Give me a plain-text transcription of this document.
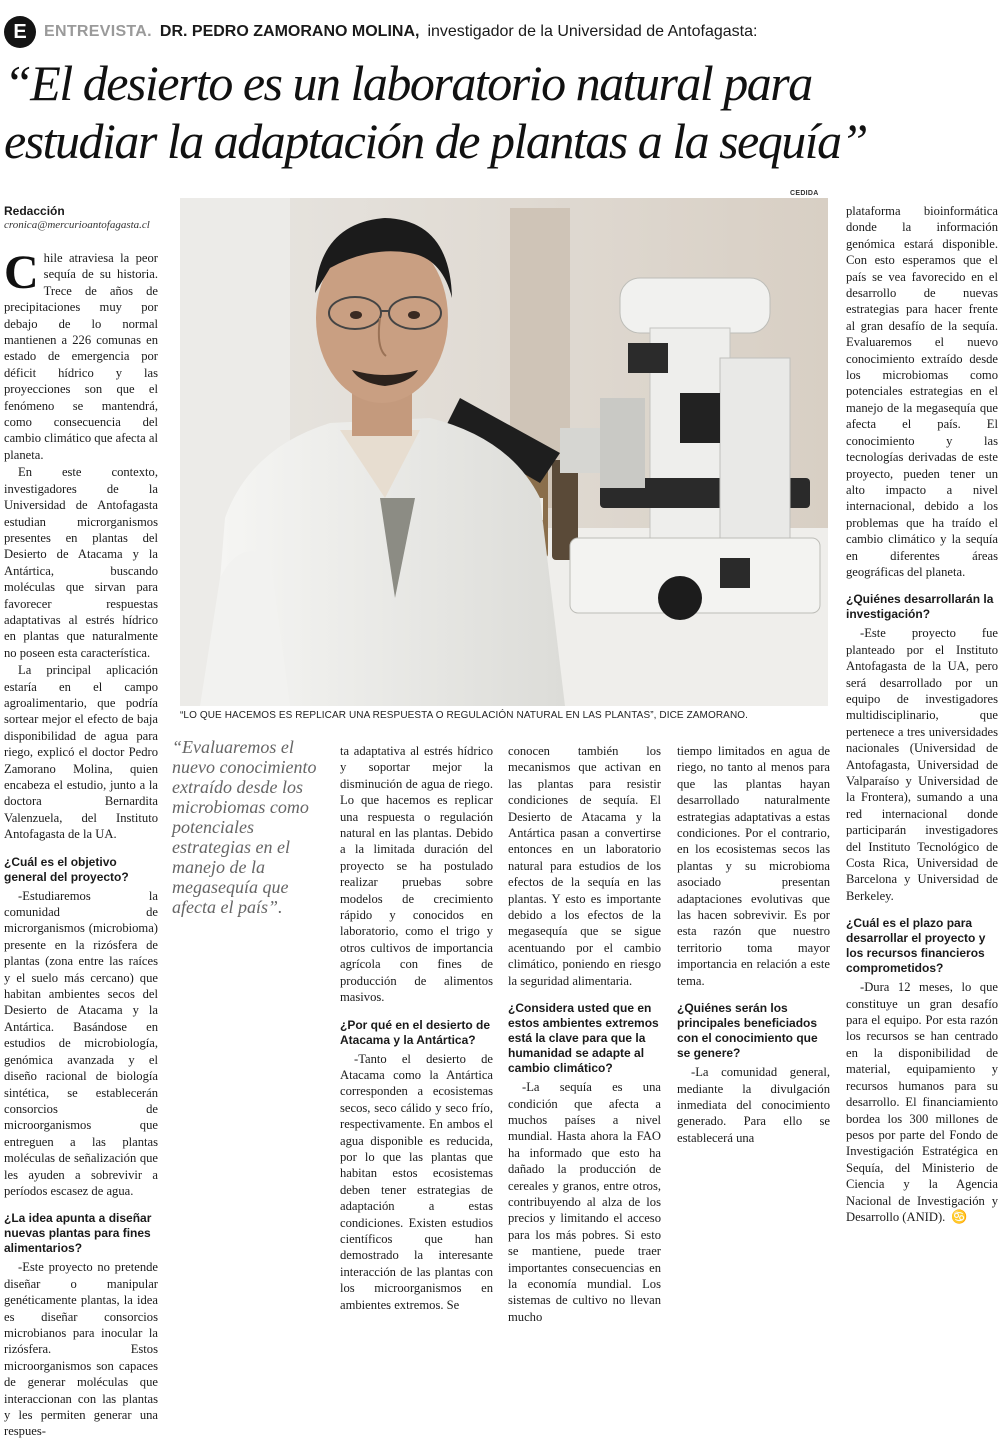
E	ENTREVISTA. DR. PEDRO ZAMORANO MOLINA, investigador de la Universidad de Antofagasta:
“El desierto es un laboratorio natural para
estudiar la adaptación de plantas a la sequía”
Redacción
cronica@mercurioantofagasta.cl
CEDIDA
“LO QUE HACEMOS ES REPLICAR UNA RESPUESTA O REGULACIÓN NATURAL EN LAS PLANTAS”, DICE ZAMORANO.

Chile atraviesa la peor sequía de su historia. Trece de años de precipitaciones muy por debajo de lo normal mantienen a 226 comunas en estado de emergencia por déficit hídrico y las proyecciones son que el fenómeno se mantendrá, como consecuencia del cambio climático que afecta al planeta.

En este contexto, investigadores de la Universidad de Antofagasta estudian microrganismos presentes en plantas del Desierto de Atacama y la Antártica, buscando moléculas que sirvan para favorecer respuestas adaptativas al estrés hídrico en plantas que naturalmente no poseen esta característica.

La principal aplicación estaría en el campo agroalimentario, que podría sortear mejor el efecto de baja disponibilidad de agua para riego, explicó el doctor Pedro Zamorano Molina, quien encabeza el estudio, junto a la doctora Bernardita Valenzuela, del Instituto Antofagasta de la UA.

¿Cuál es el objetivo general del proyecto?

-Estudiaremos la comunidad de microrganismos (microbioma) presente en la rizósfera de plantas (zona entre las raíces y el suelo más cercano) que habitan ambientes secos del Desierto de Atacama y la Antártica. Basándose en estudios de microbiología, genómica avanzada y el diseño racional de biología sintética, se establecerán consorcios de microorganismos que entreguen a las plantas moléculas de señalización que les ayuden a sobrevivir a períodos escasez de agua.

¿La idea apunta a diseñar nuevas plantas para fines alimentarios?

-Este proyecto no pretende diseñar o manipular genéticamente plantas, la idea es diseñar consorcios microbianos para inocular la rizósfera. Estos microorganismos son capaces de generar moléculas que interaccionan con las plantas y les permiten generar una respues-

“Evaluaremos el nuevo conocimiento extraído desde los microbiomas como potenciales estrategias en el manejo de la megasequía que afecta el país”.

ta adaptativa al estrés hídrico y soportar mejor la disminución de agua de riego. Lo que hacemos es replicar una respuesta o regulación natural en las plantas. Debido a la limitada duración del proyecto se ha postulado realizar pruebas sobre modelos de crecimiento rápido y conocidos en laboratorio, como el trigo y otros cultivos de importancia agrícola con fines de producción de alimentos masivos.

¿Por qué en el desierto de Atacama y la Antártica?

-Tanto el desierto de Atacama como la Antártica corresponden a ecosistemas secos, seco cálido y seco frío, respectivamente. En ambos el agua disponible es reducida, por lo que las plantas que habitan estos ecosistemas deben tener estrategias de adaptación a estas condiciones. Existen estudios científicos que han demostrado la interesante interacción de las plantas con los microorganismos en ambientes extremos. Se

conocen también los mecanismos que activan en las plantas para resistir condiciones de sequía. El Desierto de Atacama y la Antártica pasan a convertirse entonces en un laboratorio natural para estudios de los efectos de la sequía en las plantas. Y esto es importante debido a los efectos de la megasequía que se sigue acentuando por el cambio climático, poniendo en riesgo la seguridad alimentaria.

¿Considera usted que en estos ambientes extremos está la clave para que la humanidad se adapte al cambio climático?

-La sequía es una condición que afecta a muchos países a nivel mundial. Hasta ahora la FAO ha informado que esto ha dañado la producción de cereales y granos, entre otros, contribuyendo al alza de los precios y limitando el acceso para los más pobres. Si esto se mantiene, puede traer importantes consecuencias en la economía mundial. Los sistemas de cultivo no llevan mucho

tiempo limitados en agua de riego, no tanto al menos para que las plantas hayan desarrollado naturalmente estrategias adaptativas a estas condiciones. Por el contrario, en los ecosistemas secos las plantas y su microbioma asociado presentan adaptaciones evolutivas que las hacen sobrevivir. Es por esta razón que nuestro territorio toma mayor importancia en relación a este tema.

¿Quiénes serán los principales beneficiados con el conocimiento que se genere?

-La comunidad general, mediante la divulgación inmediata del conocimiento generado. Para ello se establecerá una

plataforma bioinformática donde la información genómica estará disponible. Con esto esperamos que el país se vea favorecido en el desarrollo de nuevas estrategias para hacer frente al gran desafío de la sequía. Evaluaremos el nuevo conocimiento extraído desde los microbiomas como potenciales estrategias en el manejo de la megasequía que afecta el país. El conocimiento y las tecnologías derivadas de este proyecto, pueden tener un alto impacto a nivel internacional, debido a los problemas que ha traído el cambio climático y la sequía en diferentes áreas geográficas del planeta.

¿Quiénes desarrollarán la investigación?

-Este proyecto fue planteado por el Instituto Antofagasta de la UA, pero será desarrollado por un equipo de investigadores multidisciplinario, que pertenece a tres universidades nacionales (Universidad de Antofagasta, Universidad de Valparaíso y Universidad de la Frontera), sumando a una red internacional donde participarán investigadores del Instituto Tecnológico de Costa Rica, Universidad de Barcelona y Universidad de Berkeley.

¿Cuál es el plazo para desarrollar el proyecto y los recursos financieros comprometidos?

-Dura 12 meses, lo que constituye un gran desafío para el equipo. Por esta razón los recursos se han centrado en la disponibilidad de material, equipamiento y recursos humanos para su desarrollo. El financiamiento bordea los 300 millones de pesos por parte del Fondo de Investigación Estratégica en Sequía, del Ministerio de Ciencia y la Agencia Nacional de Investigación y Desarrollo (ANID). ♋
